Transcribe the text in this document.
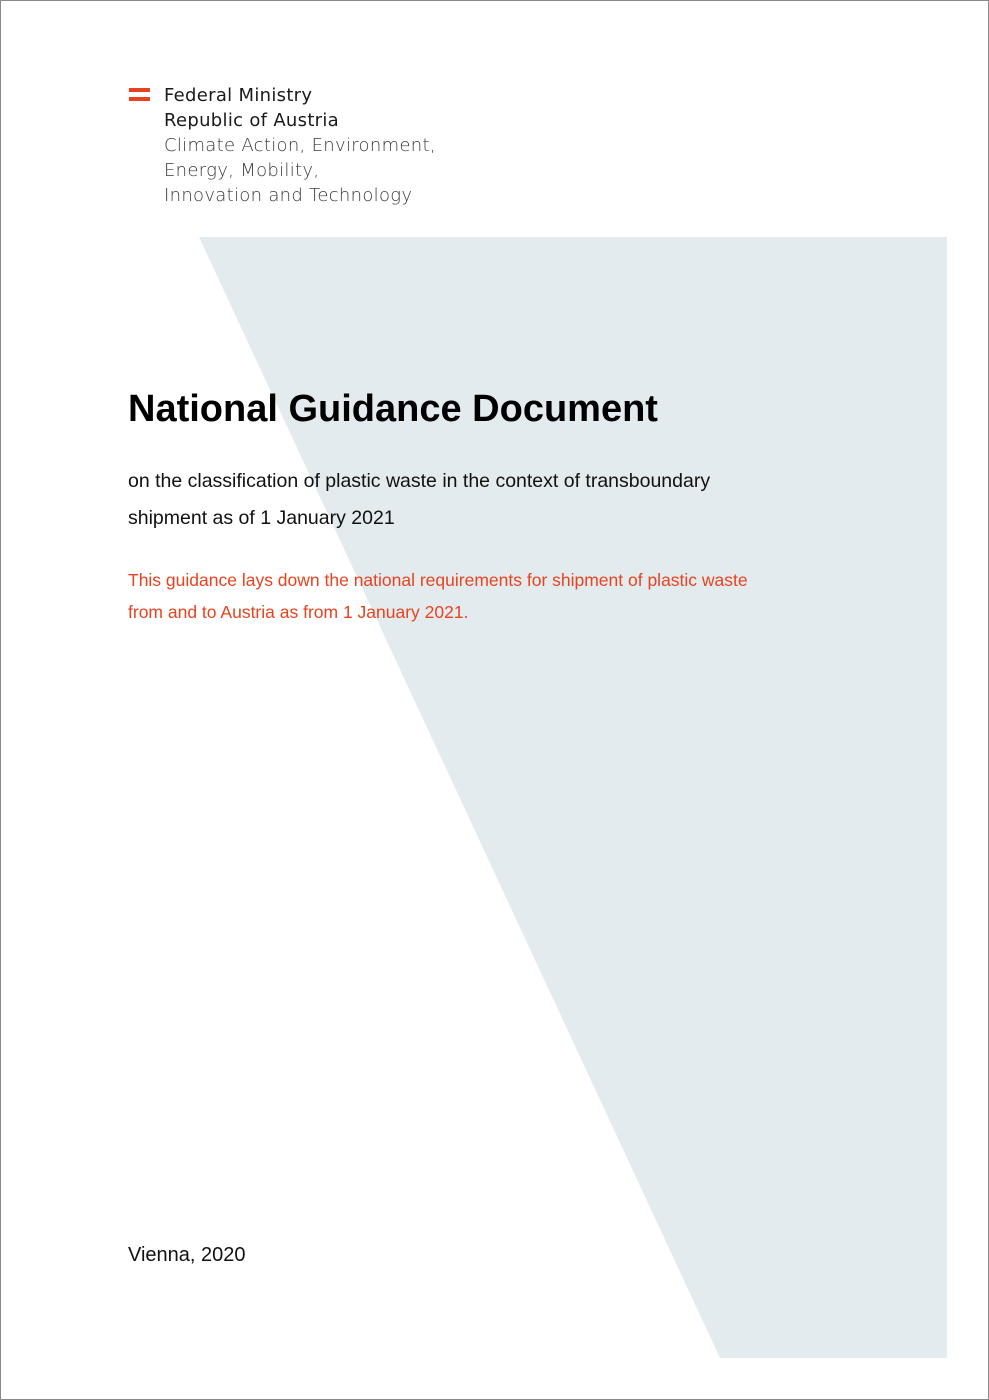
Federal Ministry
Republic of Austria
Climate Action, Environment,
Energy, Mobility,
Innovation and Technology
National Guidance Document

on the classification of plastic waste in the context of transboundary
shipment as of 1 January 2021

This guidance lays down the national requirements for shipment of plastic waste
from and to Austria as from 1 January 2021.

Vienna, 2020
